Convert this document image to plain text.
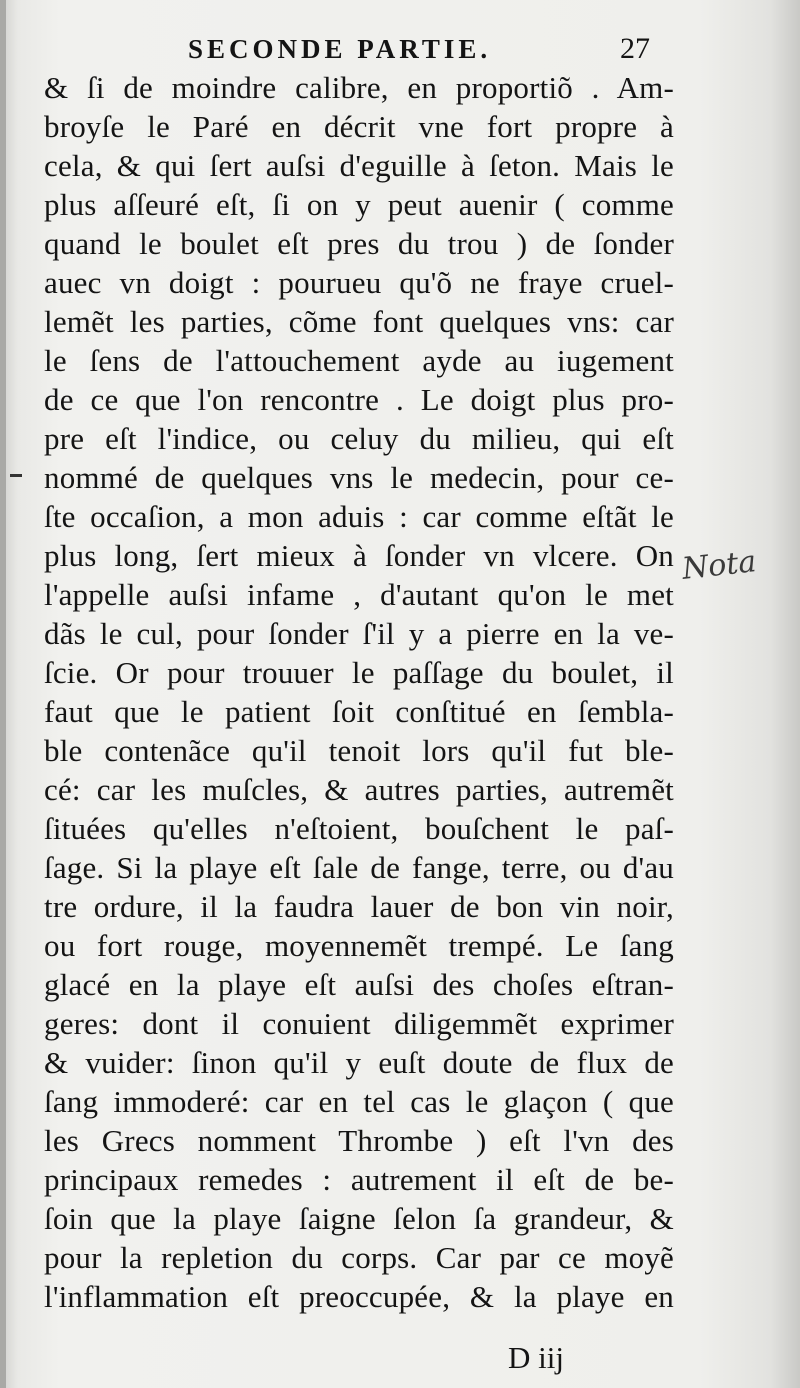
SECONDE PARTIE.	27
& ſi de moindre calibre, en proportiõ . Am-
broyſe le Paré en décrit vne fort propre à
cela, & qui ſert auſsi d'eguille à ſeton. Mais le
plus aſſeuré eſt, ſi on y peut auenir ( comme
quand le boulet eſt pres du trou ) de ſonder
auec vn doigt : pourueu qu'õ ne fraye cruel-
lemẽt les parties, cõme font quelques vns: car
le ſens de l'attouchement ayde au iugement
de ce que l'on rencontre . Le doigt plus pro-
pre eſt l'indice, ou celuy du milieu, qui eſt
nommé de quelques vns le medecin, pour ce-
ſte occaſion, a mon aduis : car comme eſtãt le
plus long, ſert mieux à ſonder vn vlcere. On
l'appelle auſsi infame , d'autant qu'on le met
dãs le cul, pour ſonder ſ'il y a pierre en la ve-
ſcie. Or pour trouuer le paſſage du boulet, il
faut que le patient ſoit conſtitué en ſembla-
ble contenãce qu'il tenoit lors qu'il fut ble-
cé: car les muſcles, & autres parties, autremẽt
ſituées qu'elles n'eſtoient, bouſchent le paſ-
ſage. Si la playe eſt ſale de fange, terre, ou d'au
tre ordure, il la faudra lauer de bon vin noir,
ou fort rouge, moyennemẽt trempé. Le ſang
glacé en la playe eſt auſsi des choſes eſtran-
geres: dont il conuient diligemmẽt exprimer
& vuider: ſinon qu'il y euſt doute de flux de
ſang immoderé: car en tel cas le glaçon ( que
les Grecs nomment Thrombe ) eſt l'vn des
principaux remedes : autrement il eſt de be-
ſoin que la playe ſaigne ſelon ſa grandeur, &
pour la repletion du corps. Car par ce moyẽ
l'inflammation eſt preoccupée, & la playe en
Nota
D iij
